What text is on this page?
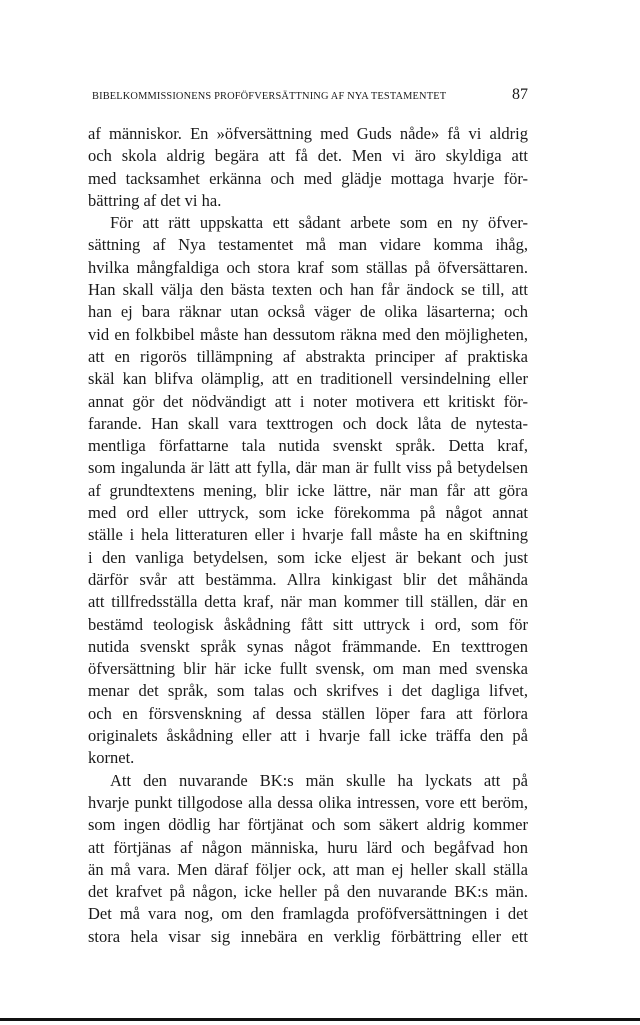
BIBELKOMMISSIONENS PROFÖFVERSÄTTNING AF NYA TESTAMENTET	87
af människor. En »öfversättning med Guds nåde» få vi aldrig
och skola aldrig begära att få det. Men vi äro skyldiga att
med tacksamhet erkänna och med glädje mottaga hvarje för-
bättring af det vi ha.
För att rätt uppskatta ett sådant arbete som en ny öfver-
sättning af Nya testamentet må man vidare komma ihåg,
hvilka mångfaldiga och stora kraf som ställas på öfversättaren.
Han skall välja den bästa texten och han får ändock se till, att
han ej bara räknar utan också väger de olika läsarterna; och
vid en folkbibel måste han dessutom räkna med den möjligheten,
att en rigorös tillämpning af abstrakta principer af praktiska
skäl kan blifva olämplig, att en traditionell versindelning eller
annat gör det nödvändigt att i noter motivera ett kritiskt för-
farande. Han skall vara texttrogen och dock låta de nytesta-
mentliga författarne tala nutida svenskt språk. Detta kraf,
som ingalunda är lätt att fylla, där man är fullt viss på betydelsen
af grundtextens mening, blir icke lättre, när man får att göra
med ord eller uttryck, som icke förekomma på något annat
ställe i hela litteraturen eller i hvarje fall måste ha en skiftning
i den vanliga betydelsen, som icke eljest är bekant och just
därför svår att bestämma. Allra kinkigast blir det måhända
att tillfredsställa detta kraf, när man kommer till ställen, där en
bestämd teologisk åskådning fått sitt uttryck i ord, som för
nutida svenskt språk synas något främmande. En texttrogen
öfversättning blir här icke fullt svensk, om man med svenska
menar det språk, som talas och skrifves i det dagliga lifvet,
och en försvenskning af dessa ställen löper fara att förlora
originalets åskådning eller att i hvarje fall icke träffa den på
kornet.
Att den nuvarande BK:s män skulle ha lyckats att på
hvarje punkt tillgodose alla dessa olika intressen, vore ett beröm,
som ingen dödlig har förtjänat och som säkert aldrig kommer
att förtjänas af någon människa, huru lärd och begåfvad hon
än må vara. Men däraf följer ock, att man ej heller skall ställa
det krafvet på någon, icke heller på den nuvarande BK:s män.
Det må vara nog, om den framlagda proföfversättningen i det
stora hela visar sig innebära en verklig förbättring eller ett
